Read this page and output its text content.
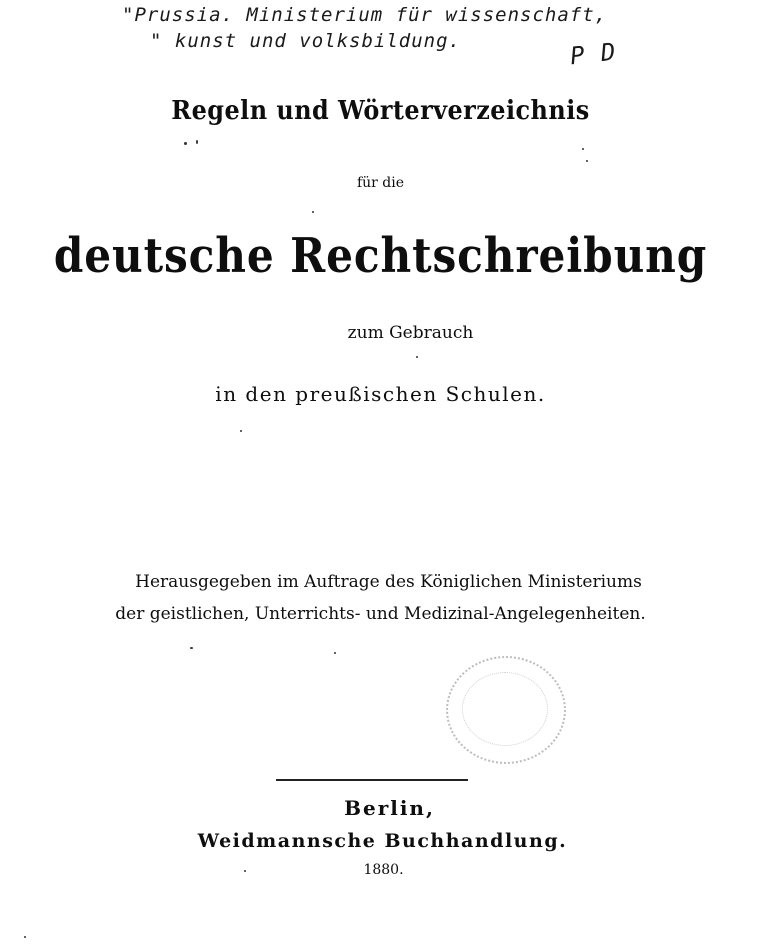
"Prussia. Ministerium für wissenschaft,
" kunst und volksbildung.	P D
Regeln und Wörterverzeichnis
für die
deutsche Rechtschreibung
zum Gebrauch
in den preußischen Schulen.
Herausgegeben im Auftrage des Königlichen Ministeriums
der geistlichen, Unterrichts- und Medizinal-Angelegenheiten.
Berlin,
Weidmannsche Buchhandlung.
1880.
